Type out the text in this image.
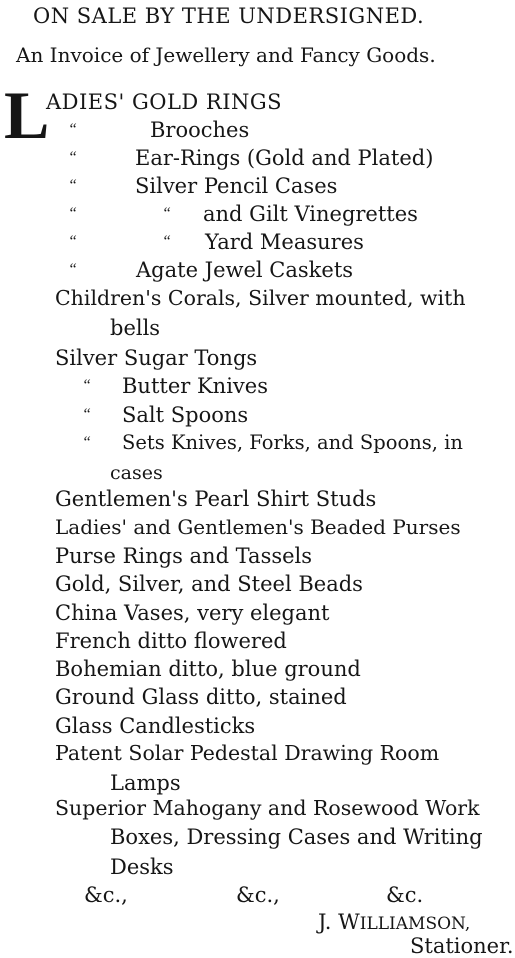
ON SALE BY THE UNDERSIGNED.
An Invoice of Jewellery and Fancy Goods.
L
ADIES' GOLD RINGS
“	Brooches
“	Ear-Rings (Gold and Plated)
“	Silver Pencil Cases
“	“ and Gilt Vinegrettes
“	“ Yard Measures
“	Agate Jewel Caskets
Children's Corals, Silver mounted, with
bells
Silver Sugar Tongs
“ Butter Knives
“ Salt Spoons
“ Sets Knives, Forks, and Spoons, in
cases
Gentlemen's Pearl Shirt Studs
Ladies' and Gentlemen's Beaded Purses
Purse Rings and Tassels
Gold, Silver, and Steel Beads
China Vases, very elegant
French ditto flowered
Bohemian ditto, blue ground
Ground Glass ditto, stained
Glass Candlesticks
Patent Solar Pedestal Drawing Room
Lamps
Superior Mahogany and Rosewood Work
Boxes, Dressing Cases and Writing
Desks
&c.,	&c.,	&c.
J. WILLIAMSON,
Stationer.
